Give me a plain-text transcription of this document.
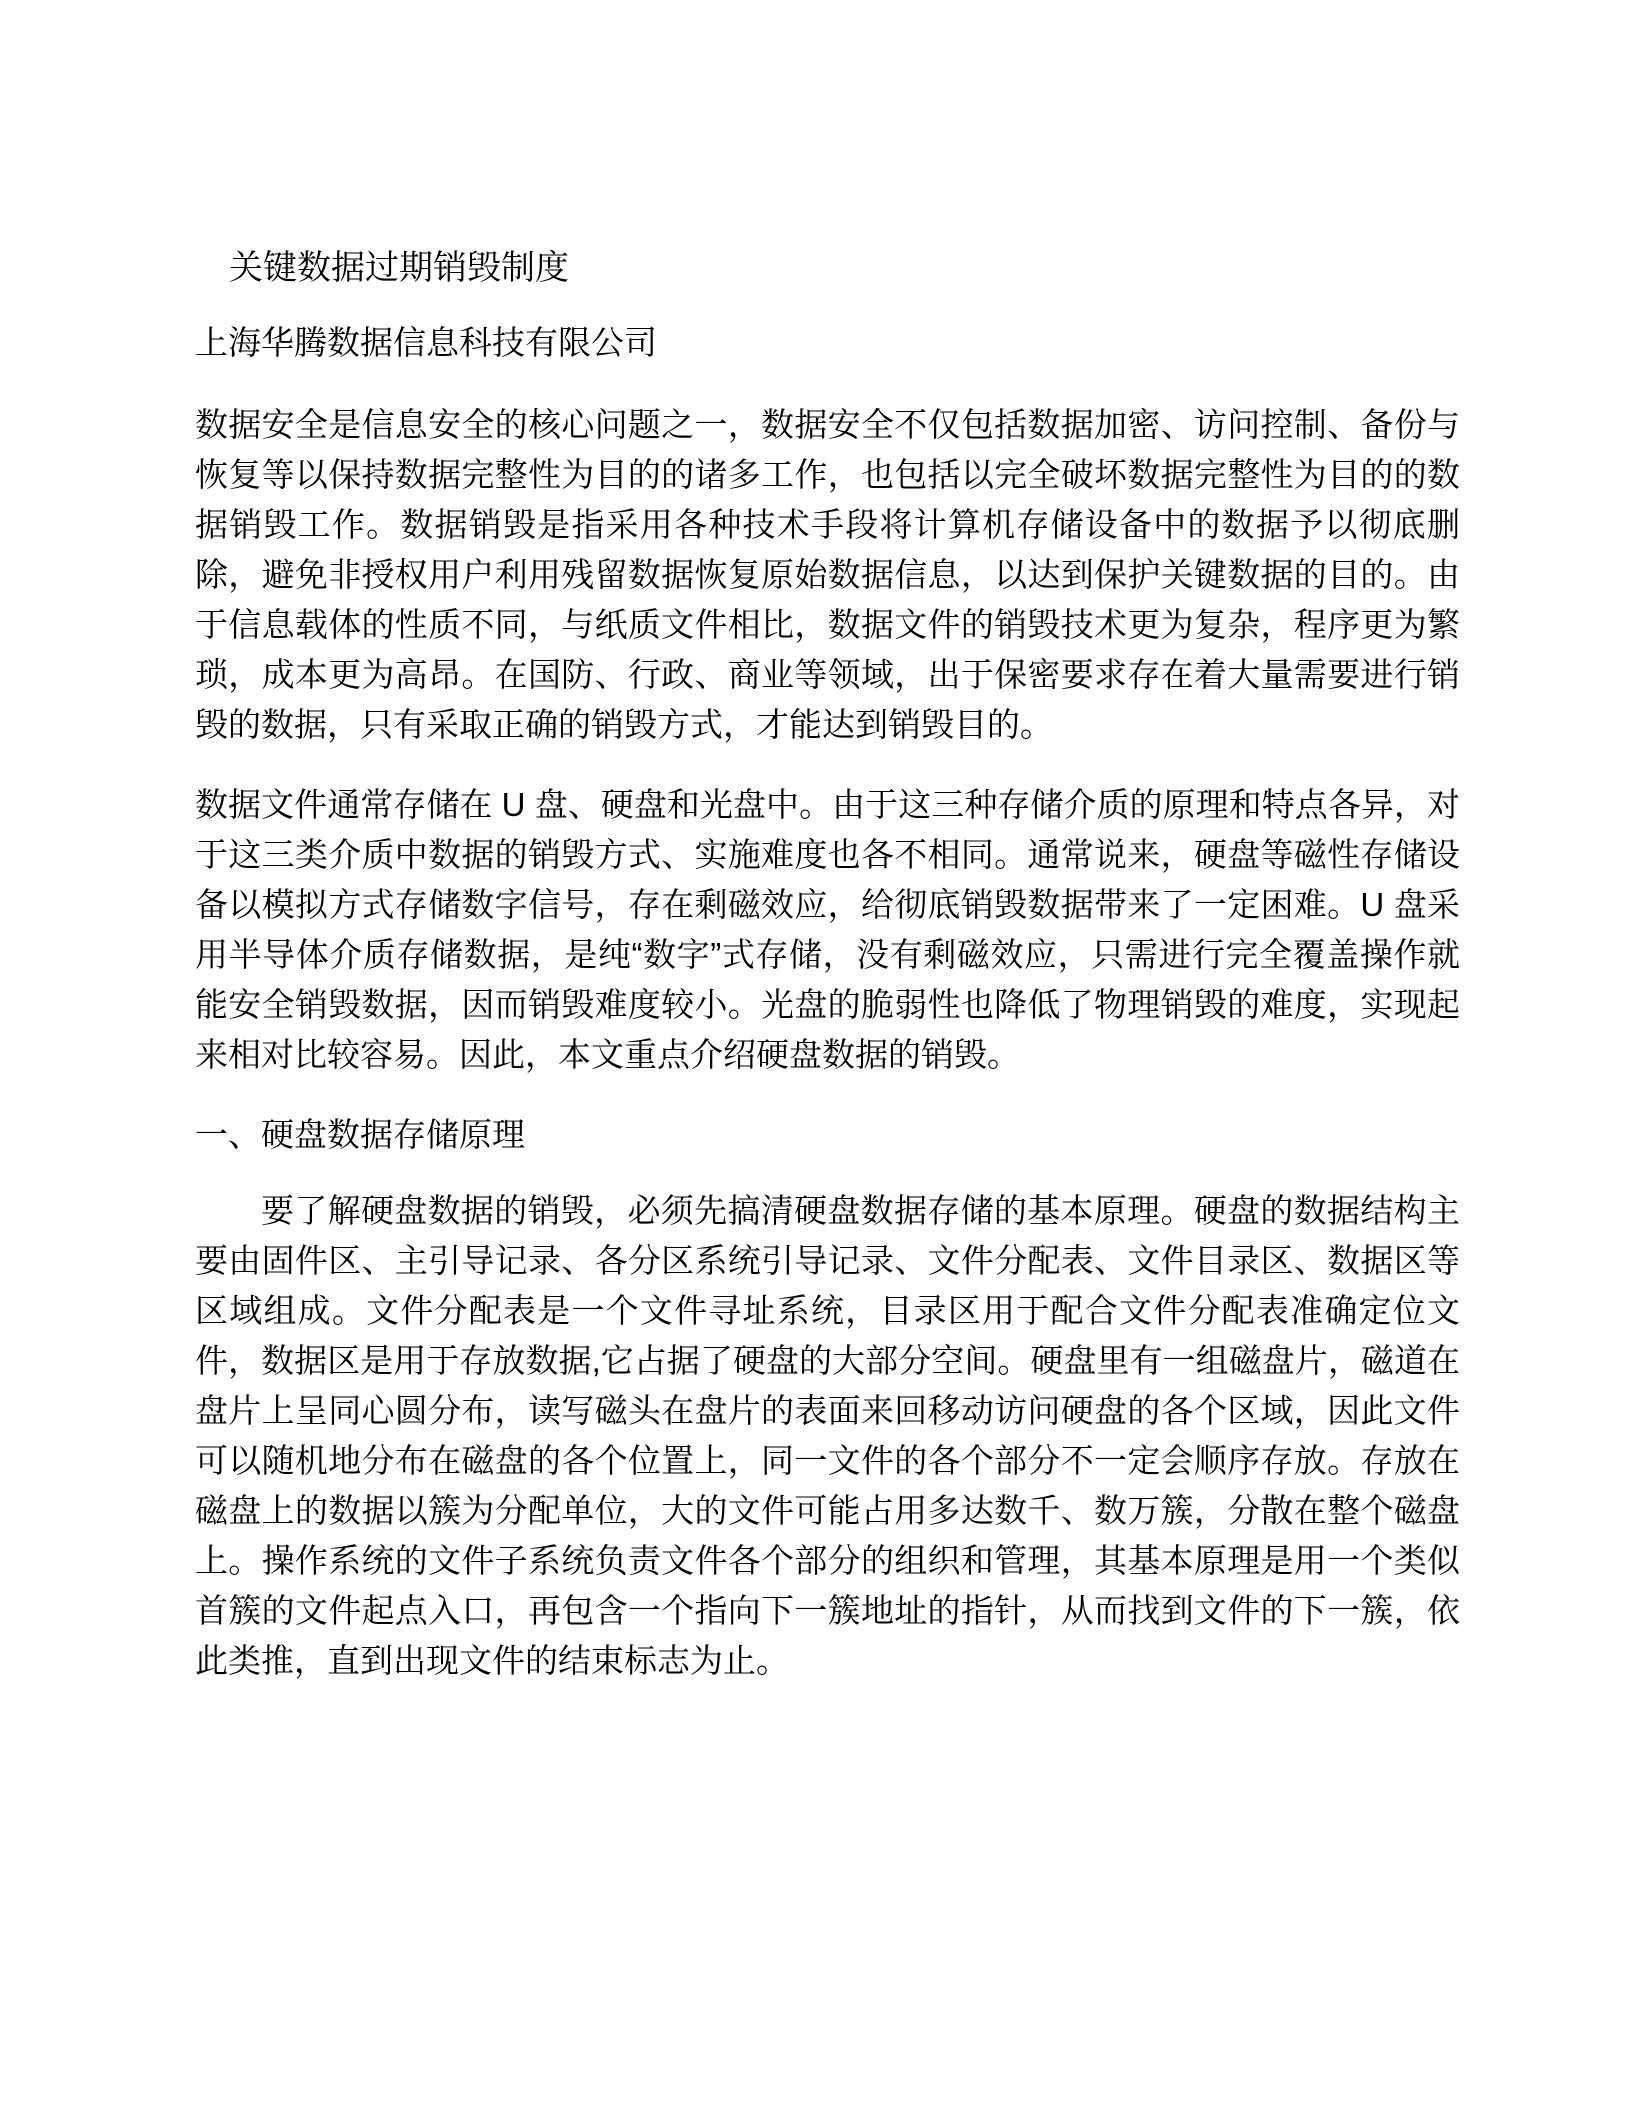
关键数据过期销毁制度
上海华腾数据信息科技有限公司

数据安全是信息安全的核心问题之一，数据安全不仅包括数据加密、访问控制、备份与恢复等以保持数据完整性为目的的诸多工作，也包括以完全破坏数据完整性为目的的数据销毁工作。数据销毁是指采用各种技术手段将计算机存储设备中的数据予以彻底删除，避免非授权用户利用残留数据恢复原始数据信息，以达到保护关键数据的目的。由于信息载体的性质不同，与纸质文件相比，数据文件的销毁技术更为复杂，程序更为繁琐，成本更为高昂。在国防、行政、商业等领域，出于保密要求存在着大量需要进行销毁的数据，只有采取正确的销毁方式，才能达到销毁目的。

数据文件通常存储在 U 盘、硬盘和光盘中。由于这三种存储介质的原理和特点各异，对于这三类介质中数据的销毁方式、实施难度也各不相同。通常说来，硬盘等磁性存储设备以模拟方式存储数字信号，存在剩磁效应，给彻底销毁数据带来了一定困难。U 盘采用半导体介质存储数据，是纯“数字”式存储，没有剩磁效应，只需进行完全覆盖操作就能安全销毁数据，因而销毁难度较小。光盘的脆弱性也降低了物理销毁的难度，实现起来相对比较容易。因此，本文重点介绍硬盘数据的销毁。

一、硬盘数据存储原理

要了解硬盘数据的销毁，必须先搞清硬盘数据存储的基本原理。硬盘的数据结构主要由固件区、主引导记录、各分区系统引导记录、文件分配表、文件目录区、数据区等区域组成。文件分配表是一个文件寻址系统，目录区用于配合文件分配表准确定位文件，数据区是用于存放数据,它占据了硬盘的大部分空间。硬盘里有一组磁盘片，磁道在盘片上呈同心圆分布，读写磁头在盘片的表面来回移动访问硬盘的各个区域，因此文件可以随机地分布在磁盘的各个位置上，同一文件的各个部分不一定会顺序存放。存放在磁盘上的数据以簇为分配单位，大的文件可能占用多达数千、数万簇，分散在整个磁盘上。操作系统的文件子系统负责文件各个部分的组织和管理，其基本原理是用一个类似首簇的文件起点入口，再包含一个指向下一簇地址的指针，从而找到文件的下一簇，依此类推，直到出现文件的结束标志为止。
